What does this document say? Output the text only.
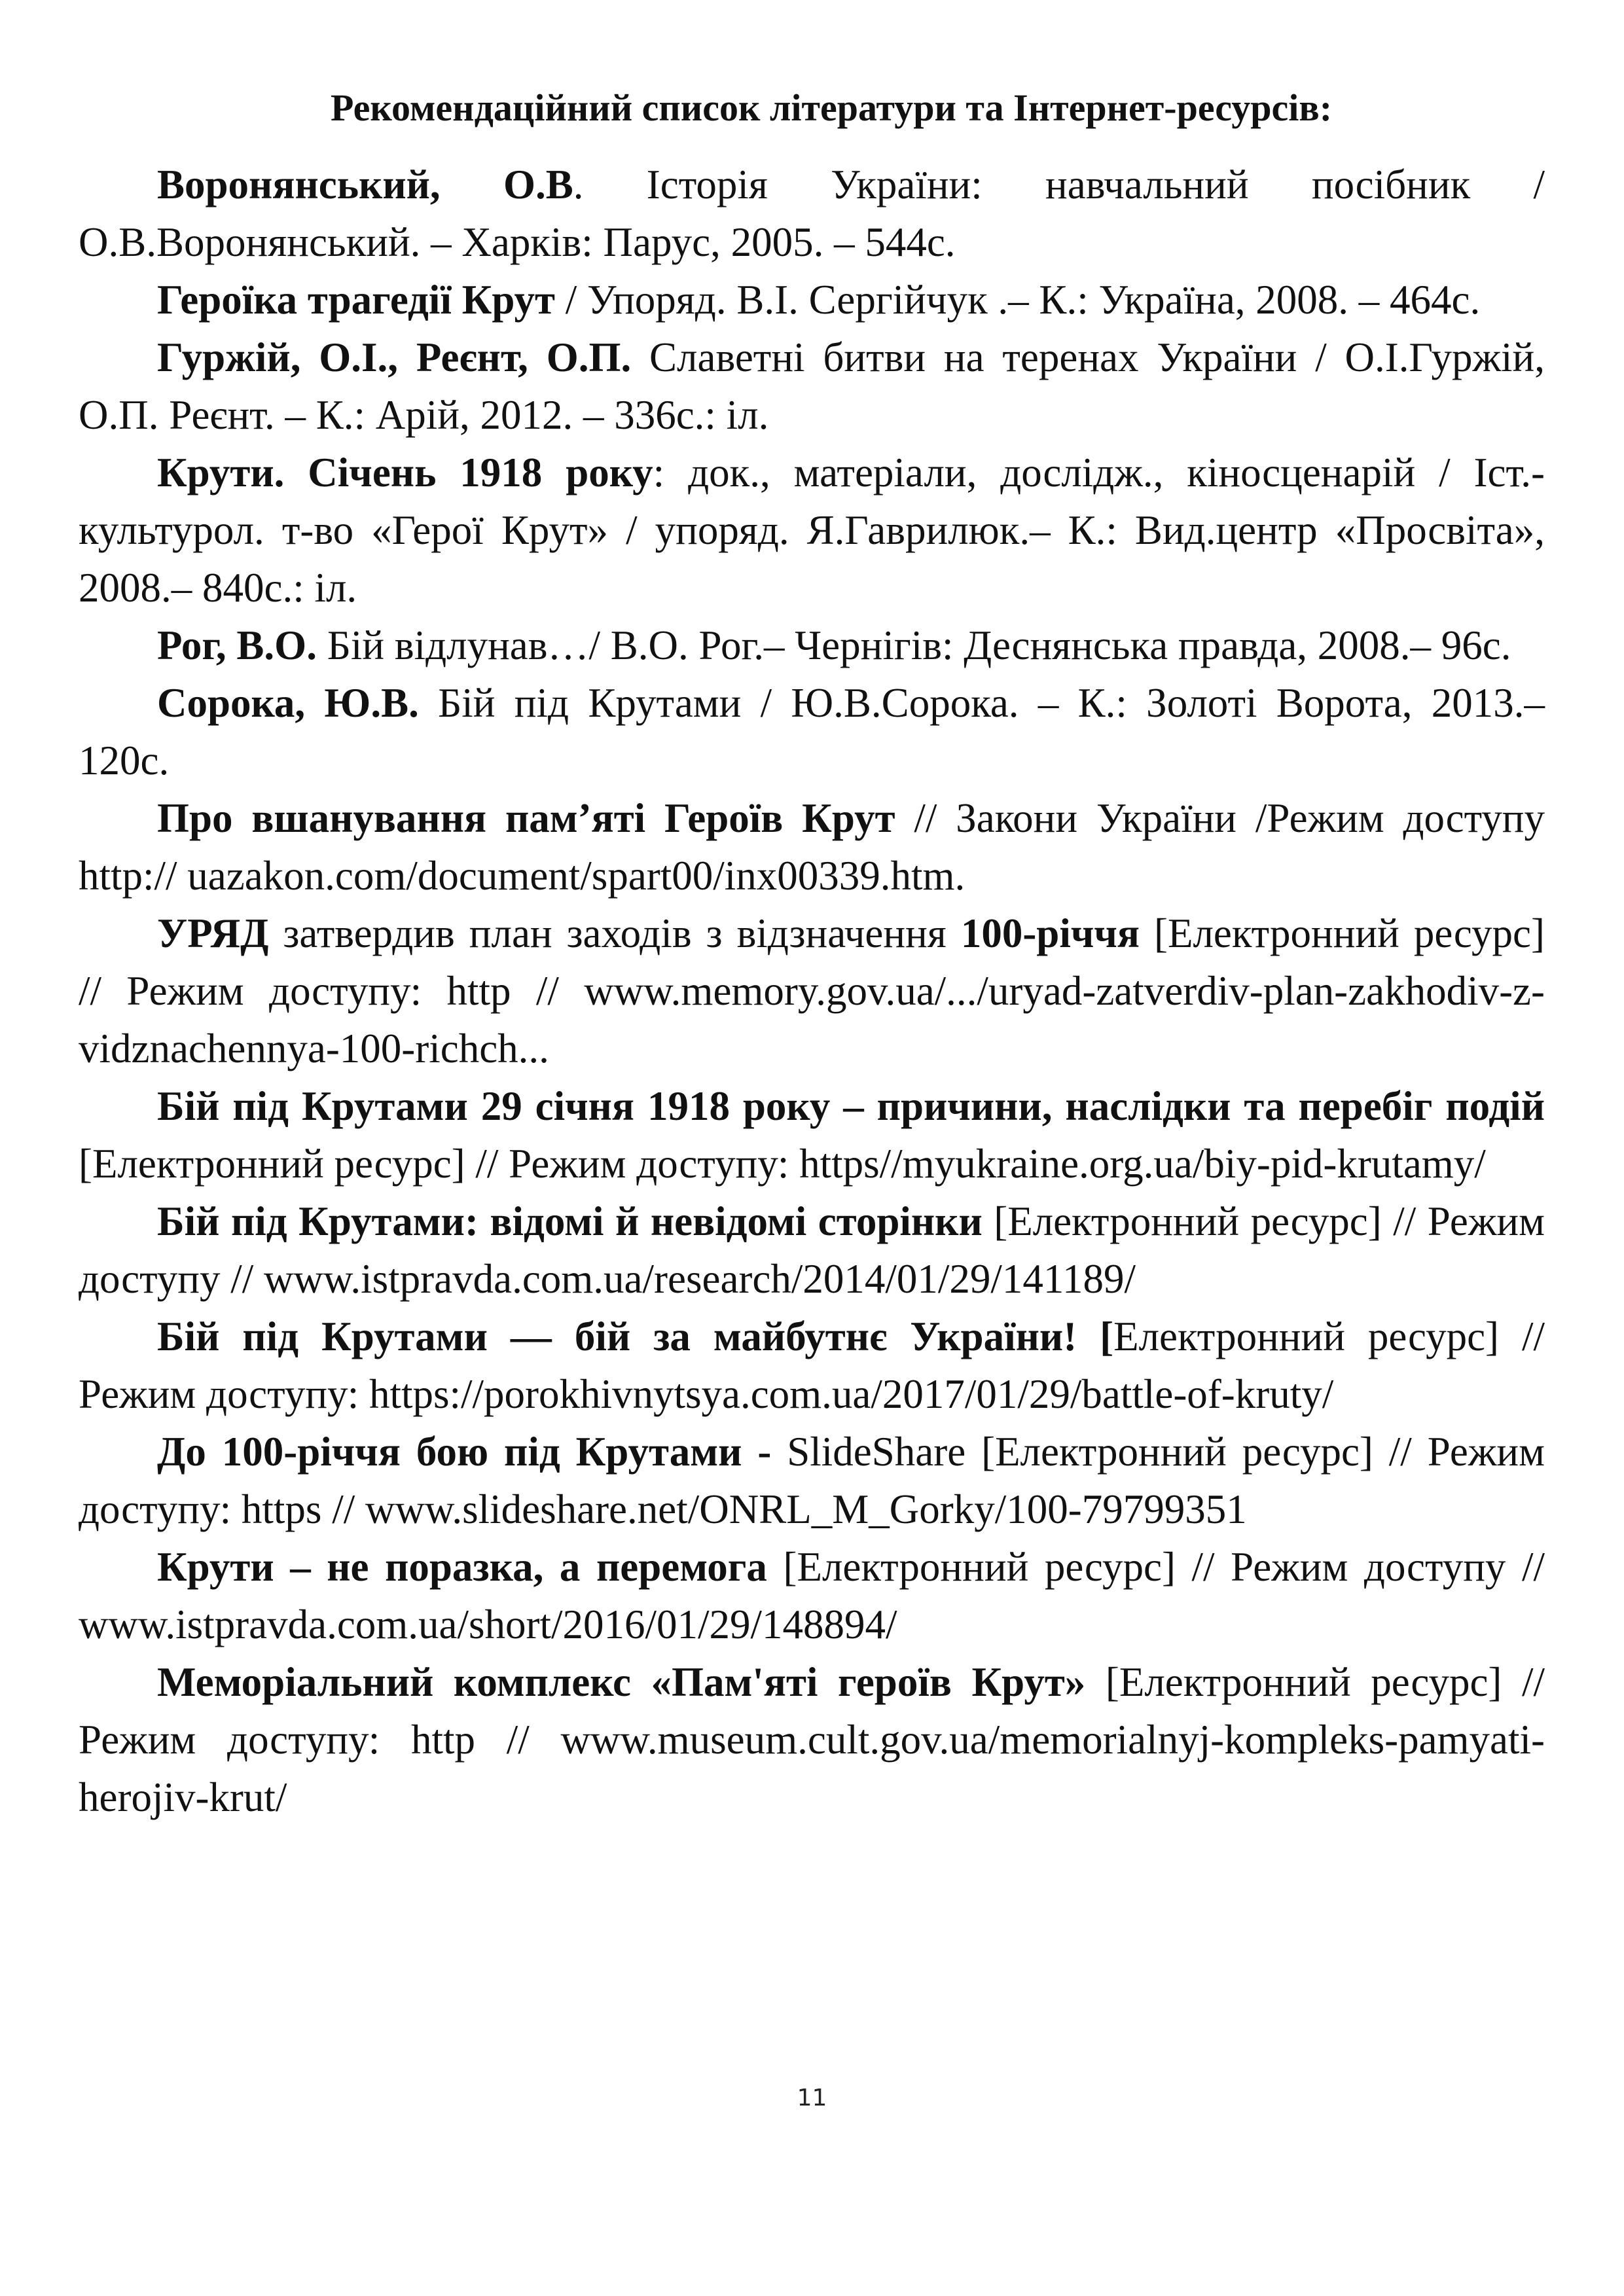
Рекомендаційний список літератури та Інтернет-ресурсів:

Воронянський, О.В. Історія України: навчальний посібник / О.В.Воронянський. – Харків: Парус, 2005. – 544с.

Героїка трагедії Крут / Упоряд. В.І. Сергійчук .– К.: Україна, 2008. – 464с.

Гуржій, О.І., Реєнт, О.П. Славетні битви на теренах України / О.І.Гуржій, О.П. Реєнт. – К.: Арій, 2012. – 336с.: іл.

Крути. Січень 1918 року: док., матеріали, дослідж., кіносценарій / Іст.-культурол. т-во «Герої Крут» / упоряд. Я.Гаврилюк.– К.: Вид.центр «Просвіта», 2008.– 840с.: іл.

Рог, В.О. Бій відлунав…/ В.О. Рог.– Чернігів: Деснянська правда, 2008.– 96с.

Сорока, Ю.В. Бій під Крутами / Ю.В.Сорока. – К.: Золоті Ворота, 2013.– 120с.

Про вшанування пам’яті Героїв Крут // Закони України /Режим доступу http:// uazakon.com/document/spart00/inx00339.htm.

УРЯД затвердив план заходів з відзначення 100-річчя [Електронний ресурс] // Режим доступу: http // www.memory.gov.ua/.../uryad-zatverdiv-plan-zakhodiv-z-vidznachennya-100-richch...

Бій під Крутами 29 січня 1918 року – причини, наслідки та перебіг подій [Електронний ресурс] // Режим доступу: https//myukraine.org.ua/biy-pid-krutamy/

Бій під Крутами: відомі й невідомі сторінки [Електронний ресурс] // Режим доступу // www.istpravda.com.ua/research/2014/01/29/141189/

Бій під Крутами — бій за майбутнє України! [Електронний ресурс] // Режим доступу: https://porokhivnytsya.com.ua/2017/01/29/battle-of-kruty/

До 100-річчя бою під Крутами - SlideShare [Електронний ресурс] // Режим доступу: https // www.slideshare.net/ONRL_M_Gorky/100-79799351

Крути – не поразка, а перемога [Електронний ресурс] // Режим доступу // www.istpravda.com.ua/short/2016/01/29/148894/

Меморіальний комплекс «Пам'яті героїв Крут» [Електронний ресурс] // Режим доступу: http // www.museum.cult.gov.ua/memorialnyj-kompleks-pamyati-herojiv-krut/

11
